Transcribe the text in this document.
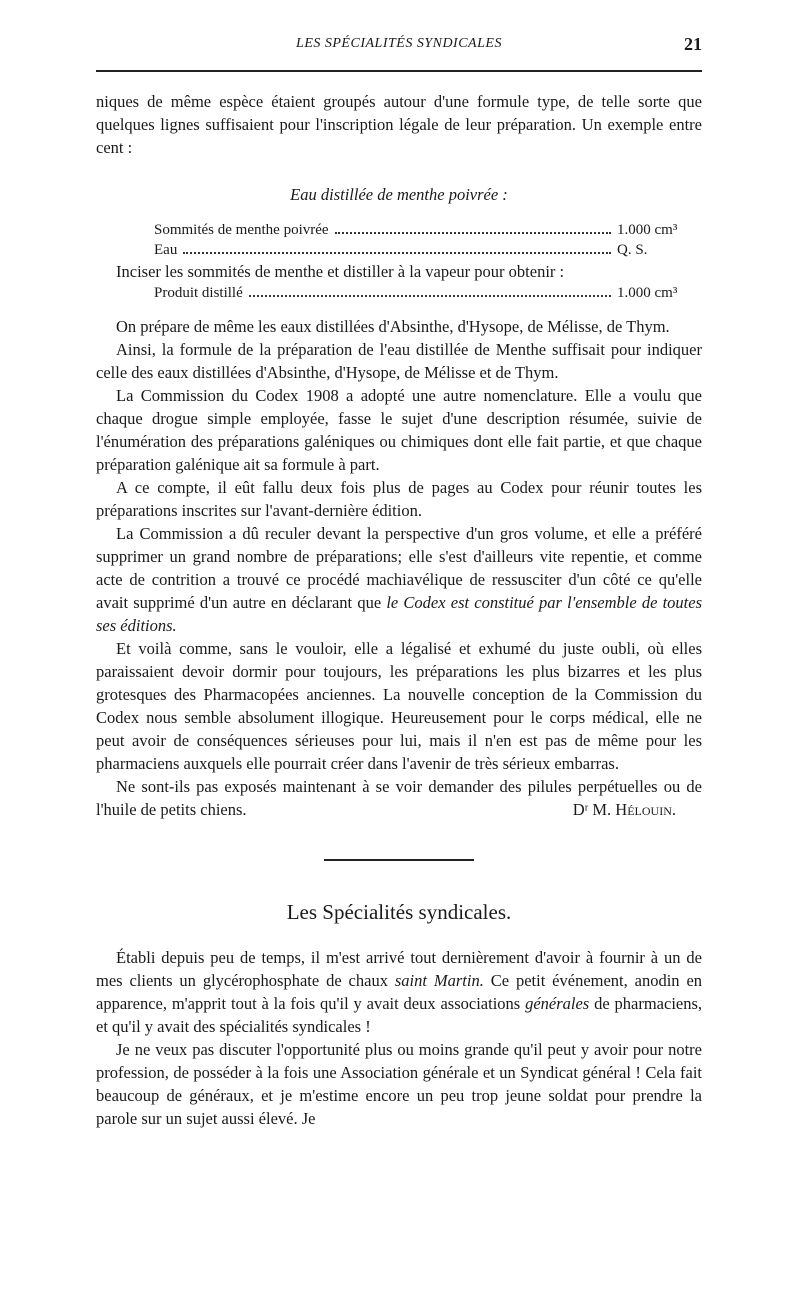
LES SPÉCIALITÉS SYNDICALES	21

niques de même espèce étaient groupés autour d'une formule type, de telle sorte que quelques lignes suffisaient pour l'inscription légale de leur préparation. Un exemple entre cent :

Eau distillée de menthe poivrée :
Sommités de menthe poivrée	1.000 cm³
Eau	Q. S.

Inciser les sommités de menthe et distiller à la vapeur pour obtenir :

Produit distillé	1.000 cm³

On prépare de même les eaux distillées d'Absinthe, d'Hysope, de Mélisse, de Thym.

Ainsi, la formule de la préparation de l'eau distillée de Menthe suffisait pour indiquer celle des eaux distillées d'Absinthe, d'Hysope, de Mélisse et de Thym.

La Commission du Codex 1908 a adopté une autre nomenclature. Elle a voulu que chaque drogue simple employée, fasse le sujet d'une description résumée, suivie de l'énumération des préparations galéniques ou chimiques dont elle fait partie, et que chaque préparation galénique ait sa formule à part.

A ce compte, il eût fallu deux fois plus de pages au Codex pour réunir toutes les préparations inscrites sur l'avant-dernière édition.

La Commission a dû reculer devant la perspective d'un gros volume, et elle a préféré supprimer un grand nombre de préparations; elle s'est d'ailleurs vite repentie, et comme acte de contrition a trouvé ce procédé machiavélique de ressusciter d'un côté ce qu'elle avait supprimé d'un autre en déclarant que le Codex est constitué par l'ensemble de toutes ses éditions.

Et voilà comme, sans le vouloir, elle a légalisé et exhumé du juste oubli, où elles paraissaient devoir dormir pour toujours, les préparations les plus bizarres et les plus grotesques des Pharmacopées anciennes. La nouvelle conception de la Commission du Codex nous semble absolument illogique. Heureusement pour le corps médical, elle ne peut avoir de conséquences sérieuses pour lui, mais il n'en est pas de même pour les pharmaciens auxquels elle pourrait créer dans l'avenir de très sérieux embarras.

Ne sont-ils pas exposés maintenant à se voir demander des pilules perpétuelles ou de l'huile de petits chiens.	Dʳ M. Hélouin.

Les Spécialités syndicales.

Établi depuis peu de temps, il m'est arrivé tout dernièrement d'avoir à fournir à un de mes clients un glycérophosphate de chaux saint Martin. Ce petit événement, anodin en apparence, m'apprit tout à la fois qu'il y avait deux associations générales de pharmaciens, et qu'il y avait des spécialités syndicales !

Je ne veux pas discuter l'opportunité plus ou moins grande qu'il peut y avoir pour notre profession, de posséder à la fois une Association générale et un Syndicat général ! Cela fait beaucoup de généraux, et je m'estime encore un peu trop jeune soldat pour prendre la parole sur un sujet aussi élevé. Je
